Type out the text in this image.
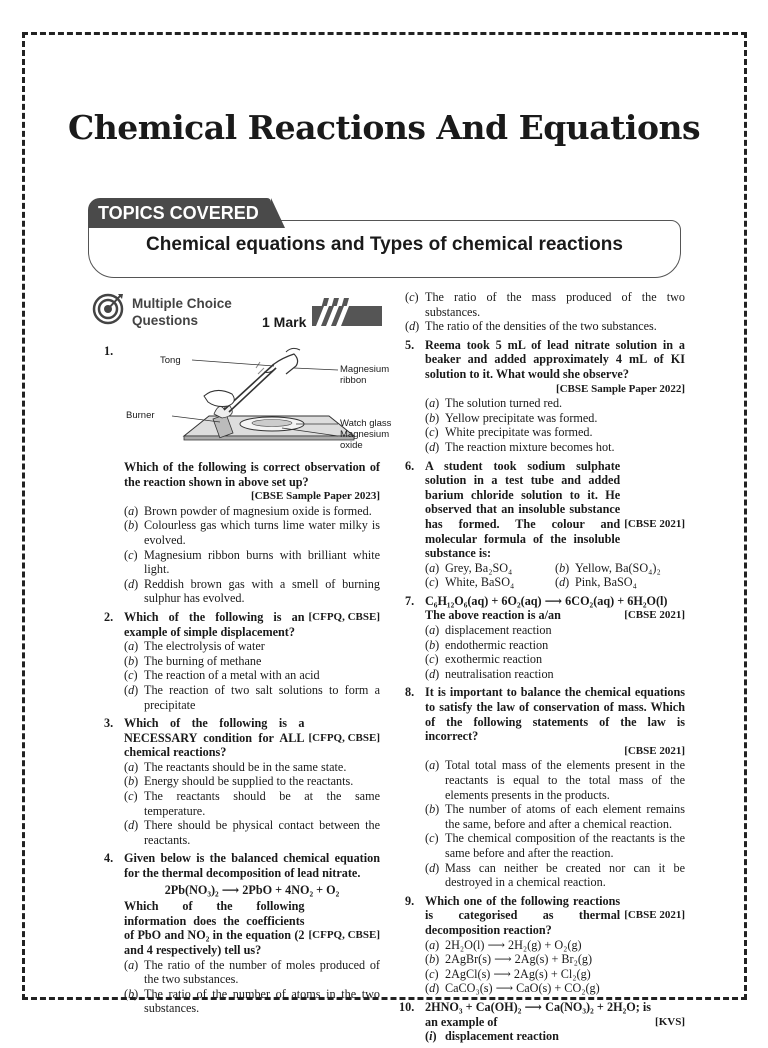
Chemical Reactions And Equations
TOPICS COVERED
Chemical equations and Types of chemical reactions
Multiple Choice
Questions	1 Mark
1.
Tong
Magnesium ribbon
Burner
Watch glass
Magnesium oxide
Which of the following is correct observation of the reaction shown in above set up?
[CBSE Sample Paper 2023]
( a ) Brown powder of magnesium oxide is formed.
( b ) Colourless gas which turns lime water milky is evolved.
( c ) Magnesium ribbon burns with brilliant white light.
( d ) Reddish brown gas with a smell of burning sulphur has evolved.
2.	[CFPQ, CBSE]
Which of the following is an example of simple displacement?
( a ) The electrolysis of water
( b ) The burning of methane
( c ) The reaction of a metal with an acid
( d ) The reaction of two salt solutions to form a precipitate
3.
[CFPQ, CBSE]
Which of the following is a NECESSARY condition for ALL chemical reactions?
( a ) The reactants should be in the same state.
( b ) Energy should be supplied to the reactants.
( c ) The reactants should be at the same temperature.
( d ) There should be physical contact between the reactants.
4. Given below is the balanced chemical equation for the thermal decomposition of lead nitrate.
2Pb(NO₃)₂ ⟶ 2PbO + 4NO₂ + O₂
[CFPQ, CBSE]
Which of the following information does the coefficients of PbO and NO₂ in the equation (2 and 4 respectively) tell us?
( a ) The ratio of the number of moles produced of the two substances.
( b ) The ratio of the number of atoms in the two substances.
( c ) The ratio of the mass produced of the two substances.
( d ) The ratio of the densities of the two substances.
5. Reema took 5 mL of lead nitrate solution in a beaker and added approximately 4 mL of KI solution to it. What would she observe?
[CBSE Sample Paper 2022]
( a ) The solution turned red.
( b ) Yellow precipitate was formed.
( c ) White precipitate was formed.
( d ) The reaction mixture becomes hot.
6.
[CBSE 2021]
A student took sodium sulphate solution in a test tube and added barium chloride solution to it. He observed that an insoluble substance has formed. The colour and molecular formula of the insoluble substance is:
( a ) Grey, Ba₂SO₄	( b ) Yellow, Ba(SO₄)₂
( c ) White, BaSO₄	( d ) Pink, BaSO₄
7. C₆H₁₂O₆(aq) + 6O₂(aq) ⟶ 6CO₂(aq) + 6H₂O(l)
[CBSE 2021]
The above reaction is a/an
( a ) displacement reaction
( b ) endothermic reaction
( c ) exothermic reaction
( d ) neutralisation reaction
8. It is important to balance the chemical equations to satisfy the law of conservation of mass. Which of the following statements of the law is incorrect?
[CBSE 2021]
( a ) Total total mass of the elements present in the reactants is equal to the total mass of the elements presents in the products.
( b ) The number of atoms of each element remains the same, before and after a chemical reaction.
( c ) The chemical composition of the reactants is the same before and after the reaction.
( d ) Mass can neither be created nor can it be destroyed in a chemical reaction.
9.
[CBSE 2021]
Which one of the following reactions is categorised as thermal decomposition reaction?
( a ) 2H₂O(l) ⟶ 2H₂(g) + O₂(g)
( b ) 2AgBr(s) ⟶ 2Ag(s) + Br₂(g)
( c ) 2AgCl(s) ⟶ 2Ag(s) + Cl₂(g)
( d ) CaCO₃(s) ⟶ CaO(s) + CO₂(g)
10.
[KVS]
2HNO₃ + Ca(OH)₂ ⟶ Ca(NO₃)₂ + 2H₂O; is an example of
( i )	displacement reaction
